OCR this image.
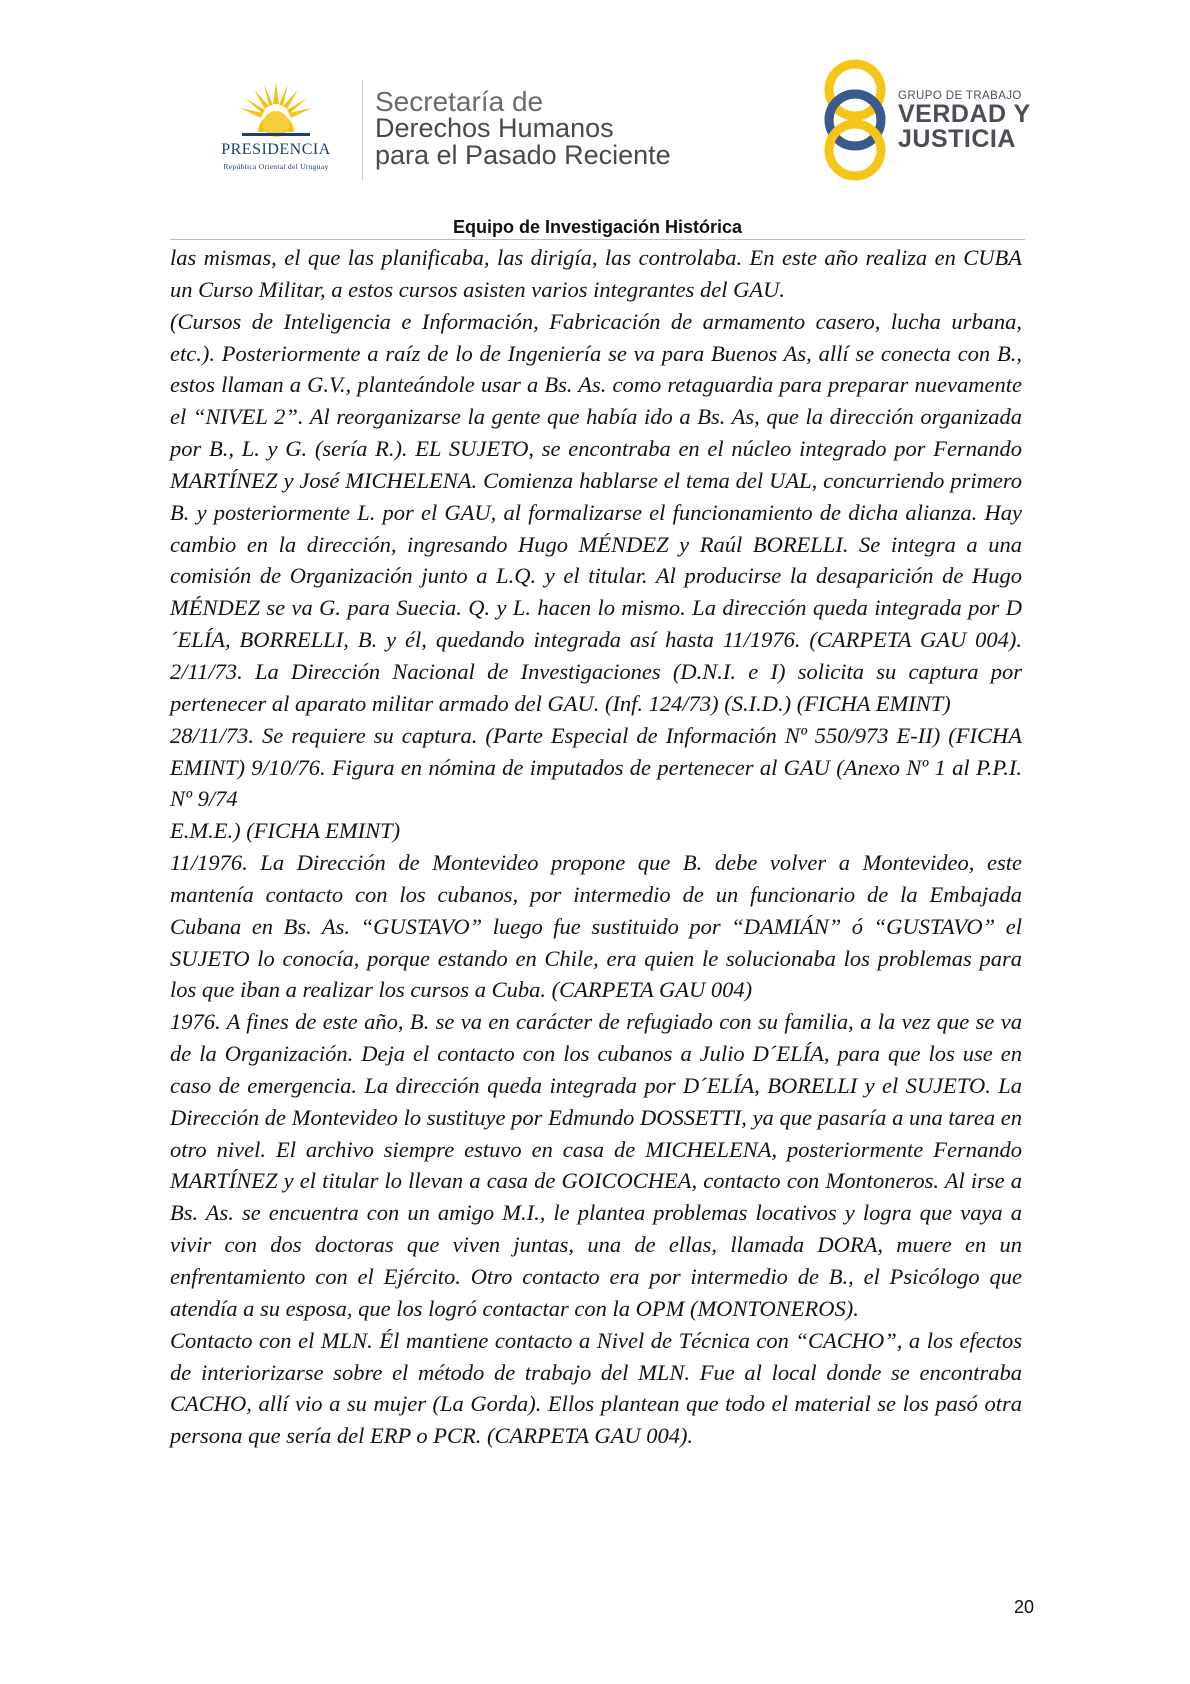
PRESIDENCIA
República Oriental del Uruguay
Secretaría de
Derechos Humanos
para el Pasado Reciente
GRUPO DE TRABAJO
VERDAD Y
JUSTICIA
Equipo de Investigación Histórica

las mismas, el que las planificaba, las dirigía, las controlaba. En este año realiza en CUBA un Curso Militar, a estos cursos asisten varios integrantes del GAU.

(Cursos de Inteligencia e Información, Fabricación de armamento casero, lucha urbana, etc.). Posteriormente a raíz de lo de Ingeniería se va para Buenos As, allí se conecta con B., estos llaman a G.V., planteándole usar a Bs. As. como retaguardia para preparar nuevamente el “NIVEL 2”. Al reorganizarse la gente que había ido a Bs. As, que la dirección organizada por B., L. y G. (sería R.). EL SUJETO, se encontraba en el núcleo integrado por Fernando MARTÍNEZ y José MICHELENA. Comienza hablarse el tema del UAL, concurriendo primero B. y posteriormente L. por el GAU, al formalizarse el funcionamiento de dicha alianza. Hay cambio en la dirección, ingresando Hugo MÉNDEZ y Raúl BORELLI. Se integra a una comisión de Organización junto a L.Q. y el titular. Al producirse la desaparición de Hugo MÉNDEZ se va G. para Suecia. Q. y L. hacen lo mismo. La dirección queda integrada por D ´ELÍA, BORRELLI, B. y él, quedando integrada así hasta 11/1976. (CARPETA GAU 004). 2/11/73. La Dirección Nacional de Investigaciones (D.N.I. e I) solicita su captura por pertenecer al aparato militar armado del GAU. (Inf. 124/73) (S.I.D.) (FICHA EMINT)

28/11/73. Se requiere su captura. (Parte Especial de Información Nº 550/973 E-II) (FICHA EMINT) 9/10/76. Figura en nómina de imputados de pertenecer al GAU (Anexo Nº 1 al P.P.I. Nº 9/74

E.M.E.) (FICHA EMINT)

11/1976. La Dirección de Montevideo propone que B. debe volver a Montevideo, este mantenía contacto con los cubanos, por intermedio de un funcionario de la Embajada Cubana en Bs. As. “GUSTAVO” luego fue sustituido por “DAMIÁN” ó “GUSTAVO” el SUJETO lo conocía, porque estando en Chile, era quien le solucionaba los problemas para los que iban a realizar los cursos a Cuba. (CARPETA GAU 004)

1976. A fines de este año, B. se va en carácter de refugiado con su familia, a la vez que se va de la Organización. Deja el contacto con los cubanos a Julio D´ELÍA, para que los use en caso de emergencia. La dirección queda integrada por D´ELÍA, BORELLI y el SUJETO. La Dirección de Montevideo lo sustituye por Edmundo DOSSETTI, ya que pasaría a una tarea en otro nivel. El archivo siempre estuvo en casa de MICHELENA, posteriormente Fernando MARTÍNEZ y el titular lo llevan a casa de GOICOCHEA, contacto con Montoneros. Al irse a Bs. As. se encuentra con un amigo M.I., le plantea problemas locativos y logra que vaya a vivir con dos doctoras que viven juntas, una de ellas, llamada DORA, muere en un enfrentamiento con el Ejército. Otro contacto era por intermedio de B., el Psicólogo que atendía a su esposa, que los logró contactar con la OPM (MONTONEROS).

Contacto con el MLN. Él mantiene contacto a Nivel de Técnica con “CACHO”, a los efectos de interiorizarse sobre el método de trabajo del MLN. Fue al local donde se encontraba CACHO, allí vio a su mujer (La Gorda). Ellos plantean que todo el material se los pasó otra persona que sería del ERP o PCR. (CARPETA GAU 004).

20
